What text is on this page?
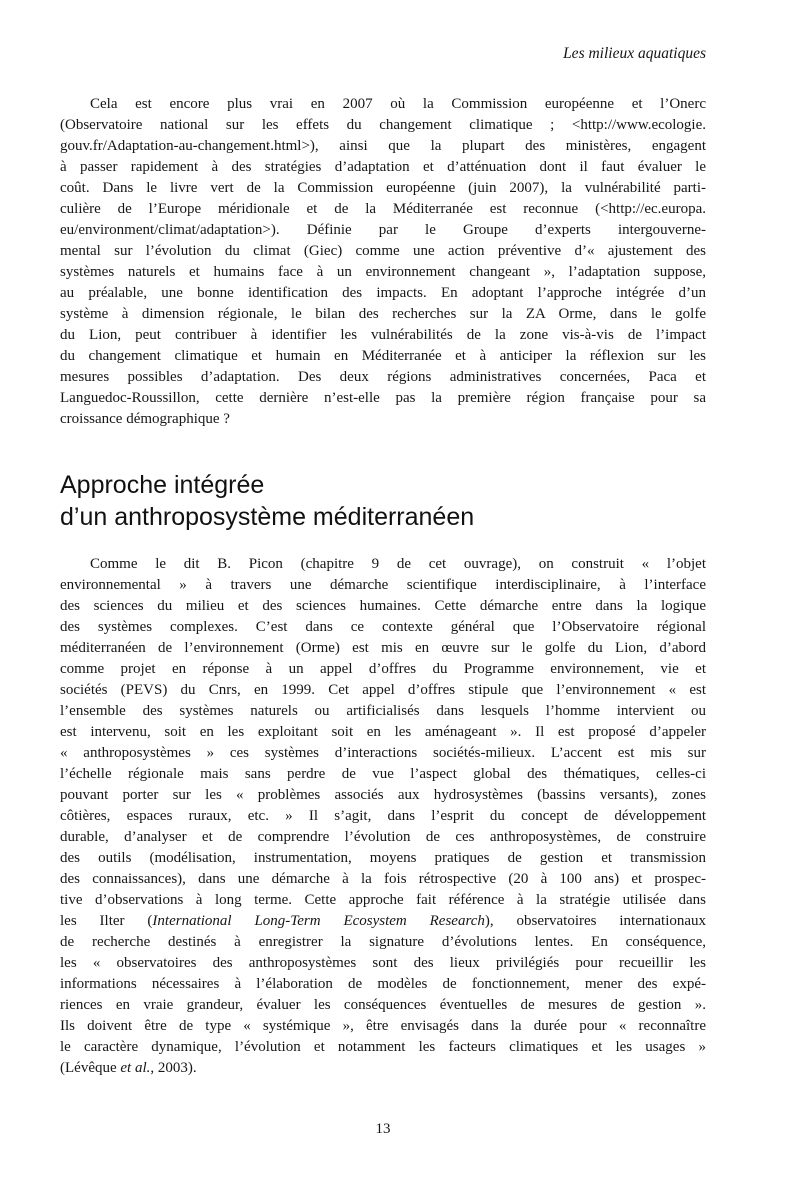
Les milieux aquatiques
Cela est encore plus vrai en 2007 où la Commission européenne et l’Onerc
(Observatoire national sur les effets du changement climatique ; <http://www.ecologie.
gouv.fr/Adaptation-au-changement.html>), ainsi que la plupart des ministères, engagent
à passer rapidement à des stratégies d’adaptation et d’atténuation dont il faut évaluer le
coût. Dans le livre vert de la Commission européenne (juin 2007), la vulnérabilité parti-
culière de l’Europe méridionale et de la Méditerranée est reconnue (<http://ec.europa.
eu/environment/climat/adaptation>). Définie par le Groupe d’experts intergouverne-
mental sur l’évolution du climat (Giec) comme une action préventive d’« ajustement des
systèmes naturels et humains face à un environnement changeant », l’adaptation suppose,
au préalable, une bonne identification des impacts. En adoptant l’approche intégrée d’un
système à dimension régionale, le bilan des recherches sur la ZA Orme, dans le golfe
du Lion, peut contribuer à identifier les vulnérabilités de la zone vis-à-vis de l’impact
du changement climatique et humain en Méditerranée et à anticiper la réflexion sur les
mesures possibles d’adaptation. Des deux régions administratives concernées, Paca et
Languedoc-Roussillon, cette dernière n’est-elle pas la première région française pour sa
croissance démographique ?
Approche intégrée
d’un anthroposystème méditerranéen
Comme le dit B. Picon (chapitre 9 de cet ouvrage), on construit « l’objet
environnemental » à travers une démarche scientifique interdisciplinaire, à l’interface
des sciences du milieu et des sciences humaines. Cette démarche entre dans la logique
des systèmes complexes. C’est dans ce contexte général que l’Observatoire régional
méditerranéen de l’environnement (Orme) est mis en œuvre sur le golfe du Lion, d’abord
comme projet en réponse à un appel d’offres du Programme environnement, vie et
sociétés (PEVS) du Cnrs, en 1999. Cet appel d’offres stipule que l’environnement « est
l’ensemble des systèmes naturels ou artificialisés dans lesquels l’homme intervient ou
est intervenu, soit en les exploitant soit en les aménageant ». Il est proposé d’appeler
« anthroposystèmes » ces systèmes d’interactions sociétés-milieux. L’accent est mis sur
l’échelle régionale mais sans perdre de vue l’aspect global des thématiques, celles-ci
pouvant porter sur les « problèmes associés aux hydrosystèmes (bassins versants), zones
côtières, espaces ruraux, etc. » Il s’agit, dans l’esprit du concept de développement
durable, d’analyser et de comprendre l’évolution de ces anthroposystèmes, de construire
des outils (modélisation, instrumentation, moyens pratiques de gestion et transmission
des connaissances), dans une démarche à la fois rétrospective (20 à 100 ans) et prospec-
tive d’observations à long terme. Cette approche fait référence à la stratégie utilisée dans
les Ilter (International Long-Term Ecosystem Research), observatoires internationaux
de recherche destinés à enregistrer la signature d’évolutions lentes. En conséquence,
les « observatoires des anthroposystèmes sont des lieux privilégiés pour recueillir les
informations nécessaires à l’élaboration de modèles de fonctionnement, mener des expé-
riences en vraie grandeur, évaluer les conséquences éventuelles de mesures de gestion ».
Ils doivent être de type « systémique », être envisagés dans la durée pour « reconnaître
le caractère dynamique, l’évolution et notamment les facteurs climatiques et les usages »
(Lévêque et al., 2003).
13
